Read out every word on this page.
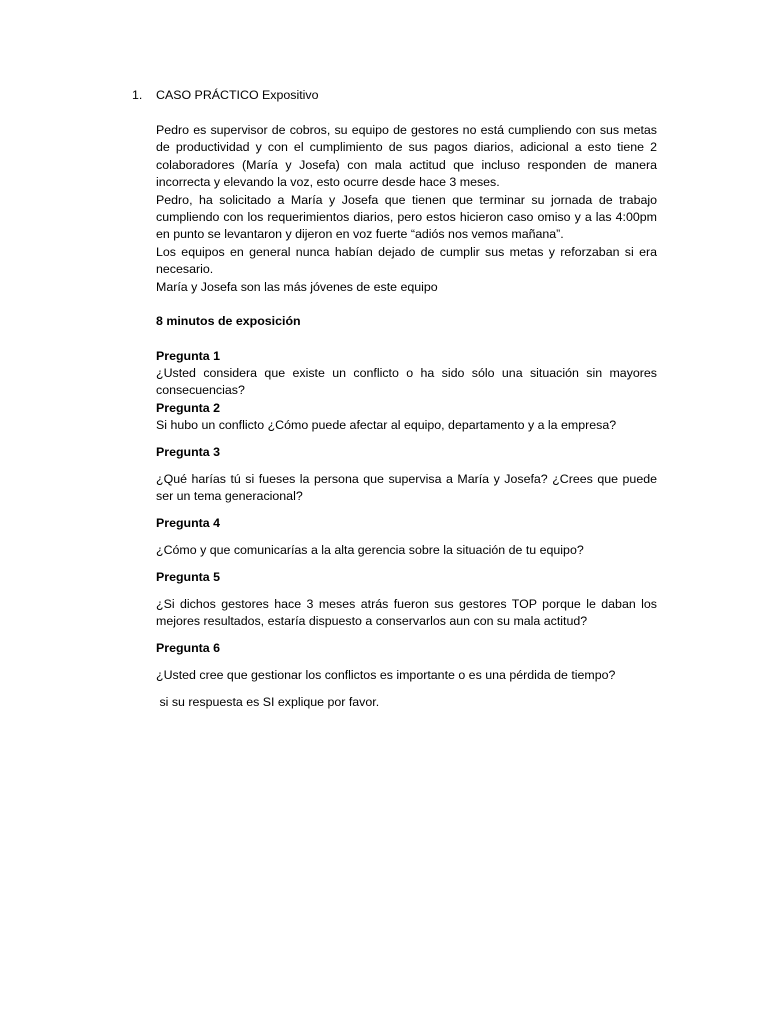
1. CASO PRÁCTICO Expositivo

Pedro es supervisor de cobros, su equipo de gestores no está cumpliendo con sus metas de productividad y con el cumplimiento de sus pagos diarios, adicional a esto tiene 2 colaboradores (María y Josefa) con mala actitud que incluso responden de manera incorrecta y elevando la voz, esto ocurre desde hace 3 meses.

Pedro, ha solicitado a María y Josefa que tienen que terminar su jornada de trabajo cumpliendo con los requerimientos diarios, pero estos hicieron caso omiso y a las 4:00pm en punto se levantaron y dijeron en voz fuerte “adiós nos vemos mañana”.

Los equipos en general nunca habían dejado de cumplir sus metas y reforzaban si era necesario.

María y Josefa son las más jóvenes de este equipo

8 minutos de exposición

Pregunta 1

¿Usted considera que existe un conflicto o ha sido sólo una situación sin mayores consecuencias?

Pregunta 2

Si hubo un conflicto ¿Cómo puede afectar al equipo, departamento y a la empresa?

Pregunta 3

¿Qué harías tú si fueses la persona que supervisa a María y Josefa? ¿Crees que puede ser un tema generacional?

Pregunta 4

¿Cómo y que comunicarías a la alta gerencia sobre la situación de tu equipo?

Pregunta 5

¿Si dichos gestores hace 3 meses atrás fueron sus gestores TOP porque le daban los mejores resultados, estaría dispuesto a conservarlos aun con su mala actitud?

Pregunta 6

¿Usted cree que gestionar los conflictos es importante o es una pérdida de tiempo?

si su respuesta es SI explique por favor.
